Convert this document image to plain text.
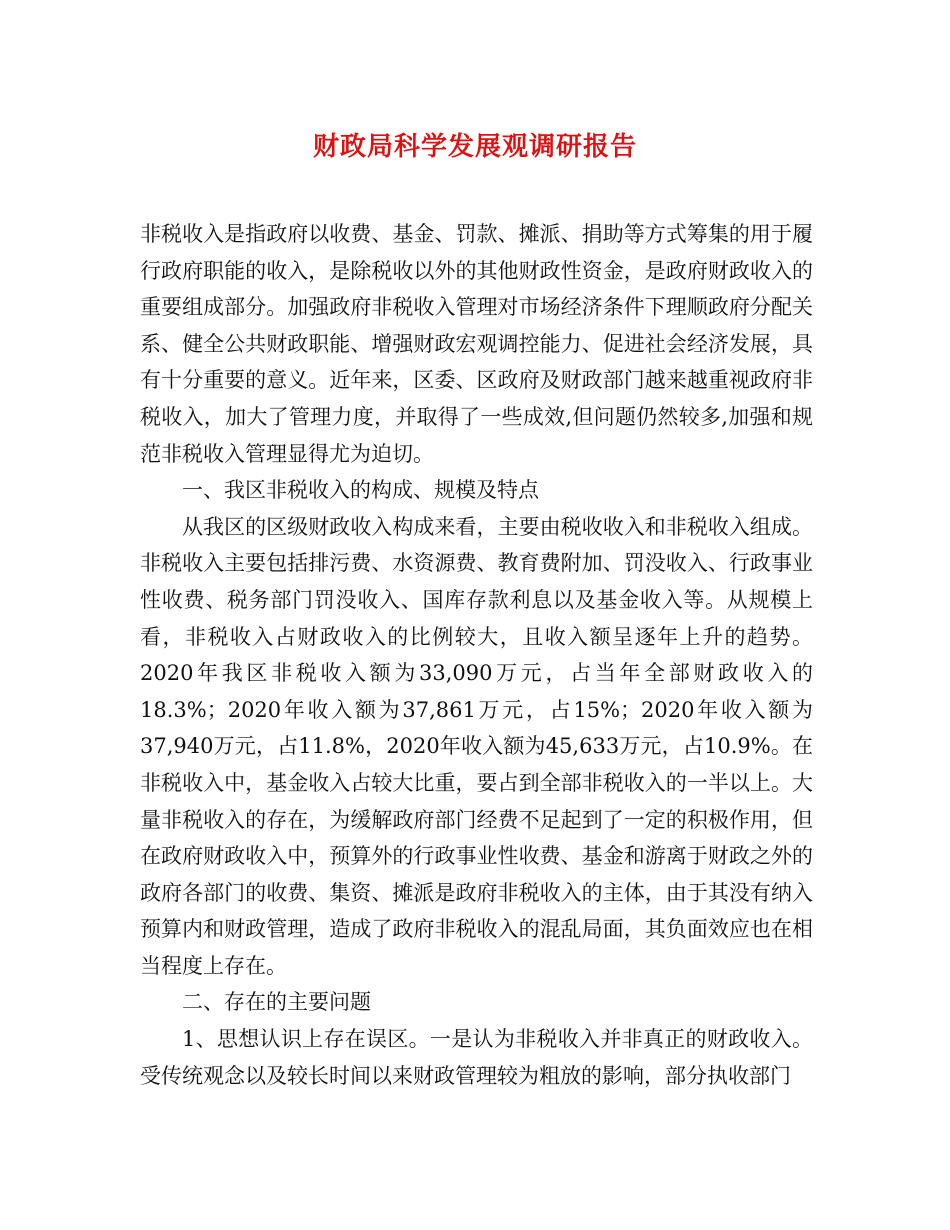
财政局科学发展观调研报告

非税收入是指政府以收费、基金、罚款、摊派、捐助等方式筹集的用于履行政府职能的收入，是除税收以外的其他财政性资金，是政府财政收入的重要组成部分。加强政府非税收入管理对市场经济条件下理顺政府分配关系、健全公共财政职能、增强财政宏观调控能力、促进社会经济发展，具有十分重要的意义。近年来，区委、区政府及财政部门越来越重视政府非税收入，加大了管理力度，并取得了一些成效,但问题仍然较多,加强和规范非税收入管理显得尤为迫切。

一、我区非税收入的构成、规模及特点

从我区的区级财政收入构成来看，主要由税收收入和非税收入组成。非税收入主要包括排污费、水资源费、教育费附加、罚没收入、行政事业性收费、税务部门罚没收入、国库存款利息以及基金收入等。从规模上看，非税收入占财政收入的比例较大，且收入额呈逐年上升的趋势。2020年我区非税收入额为33,090万元，占当年全部财政收入的18.3%；2020年收入额为37,861万元，占15%；2020年收入额为37,940万元，占11.8%，2020年收入额为45,633万元，占10.9%。在非税收入中，基金收入占较大比重，要占到全部非税收入的一半以上。大量非税收入的存在，为缓解政府部门经费不足起到了一定的积极作用，但在政府财政收入中，预算外的行政事业性收费、基金和游离于财政之外的政府各部门的收费、集资、摊派是政府非税收入的主体，由于其没有纳入预算内和财政管理，造成了政府非税收入的混乱局面，其负面效应也在相当程度上存在。

二、存在的主要问题

1、思想认识上存在误区。一是认为非税收入并非真正的财政收入。受传统观念以及较长时间以来财政管理较为粗放的影响，部分执收部门
